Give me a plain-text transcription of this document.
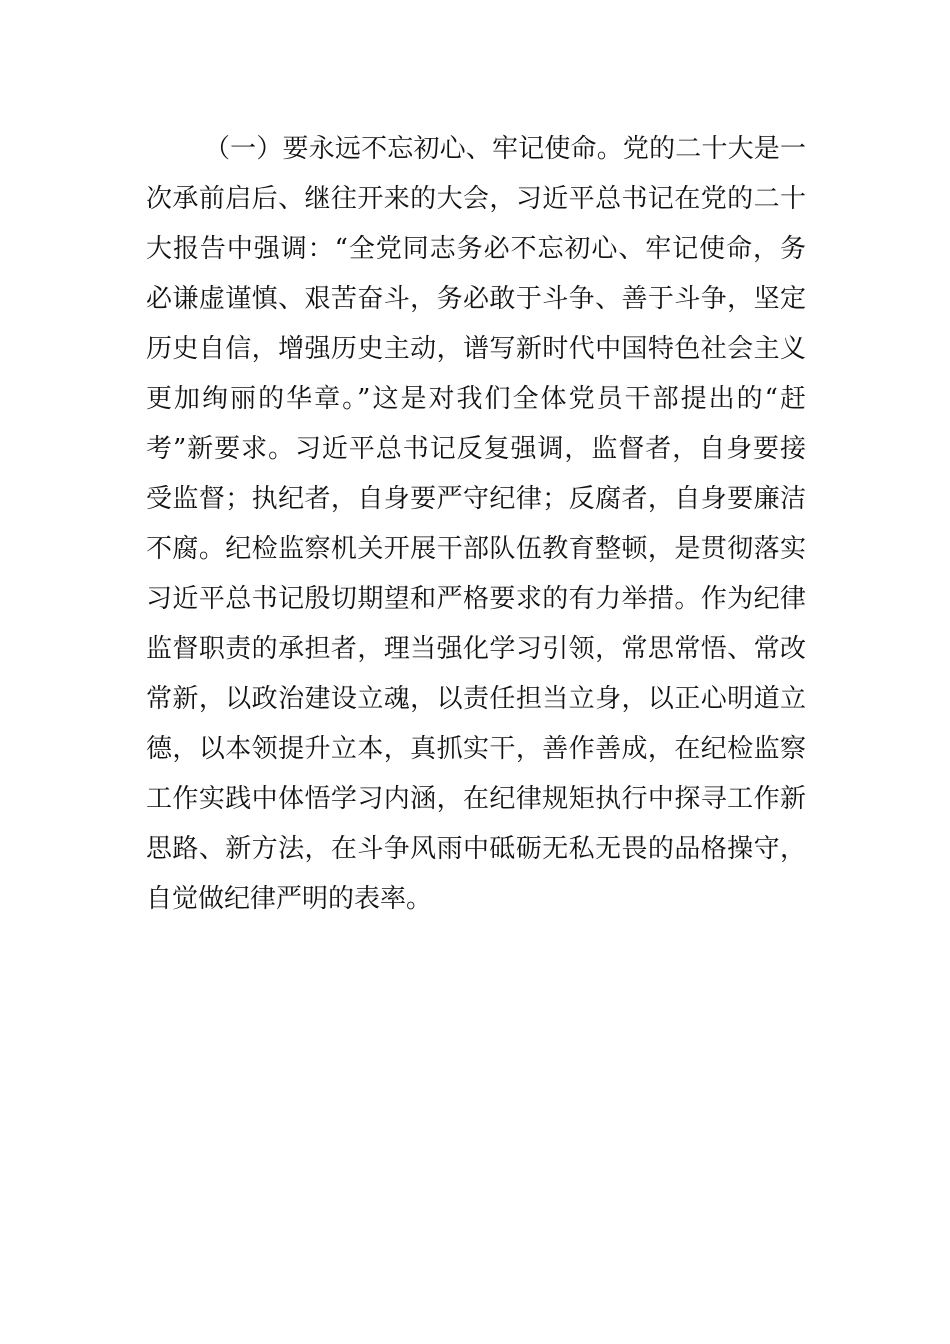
（一）要永远不忘初心、牢记使命。党的二十大是一
次承前启后、继往开来的大会，习近平总书记在党的二十
大报告中强调：“全党同志务必不忘初心、牢记使命，务
必谦虚谨慎、艰苦奋斗，务必敢于斗争、善于斗争，坚定
历史自信，增强历史主动，谱写新时代中国特色社会主义
更加绚丽的华章。”这是对我们全体党员干部提出的“赶
考”新要求。习近平总书记反复强调，监督者，自身要接
受监督；执纪者，自身要严守纪律；反腐者，自身要廉洁
不腐。纪检监察机关开展干部队伍教育整顿，是贯彻落实
习近平总书记殷切期望和严格要求的有力举措。作为纪律
监督职责的承担者，理当强化学习引领，常思常悟、常改
常新，以政治建设立魂，以责任担当立身，以正心明道立
德，以本领提升立本，真抓实干，善作善成，在纪检监察
工作实践中体悟学习内涵，在纪律规矩执行中探寻工作新
思路、新方法，在斗争风雨中砥砺无私无畏的品格操守，
自觉做纪律严明的表率。
